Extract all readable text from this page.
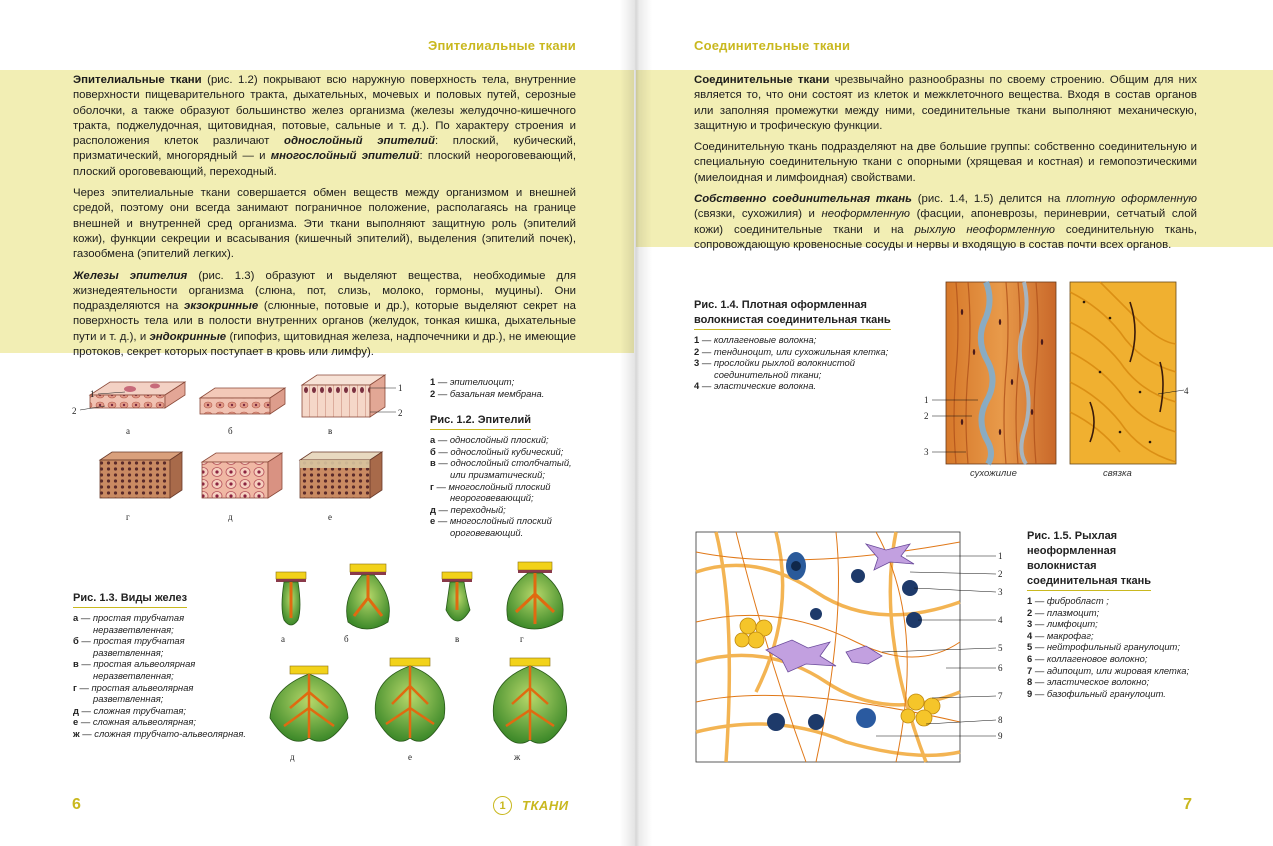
Эпителиальные ткани

Эпителиальные ткани (рис. 1.2) покрывают всю наружную поверхность тела, внутренние поверхности пищеварительного тракта, дыхательных, мочевых и половых путей, серозные оболочки, а также образуют большинство желез организма (железы желудочно-кишечного тракта, поджелудочная, щитовидная, потовые, сальные и т. д.). По характеру строения и расположения клеток различают однослойный эпителий: плоский, кубический, призматический, многорядный — и многослойный эпителий: плоский неороговевающий, плоский ороговевающий, переходный.

Через эпителиальные ткани совершается обмен веществ между организмом и внешней средой, поэтому они всегда занимают пограничное положение, располагаясь на границе внешней и внутренней сред организма. Эти ткани выполняют защитную роль (эпителий кожи), функции секреции и всасывания (кишечный эпителий), выделения (эпителий почек), газообмена (эпителий легких).

Железы эпителия (рис. 1.3) образуют и выделяют вещества, необходимые для жизнедеятельности организма (слюна, пот, слизь, молоко, гормоны, муцины). Они подразделяются на экзокринные (слюнные, потовые и др.), которые выделяют секрет на поверхность тела или в полости внутренних органов (желудок, тонкая кишка, дыхательные пути и т. д.), и эндокринные (гипофиз, щитовидная железа, надпочечники и др.), не имеющие протоков, секрет которых поступает в кровь или лимфу).

1
2
1
2
а	б	в
г	д	е
1 — эпителиоцит;
2 — базальная мембрана.
Рис. 1.2. Эпителий

а — однослойный плоский;
б — однослойный кубический;
в — однослойный столбчатый,
или призматический;
г — многослойный плоский
неороговевающий;
д — переходный;
е — многослойный плоский
ороговевающий.
а	б	в	г
д	е	ж
Рис. 1.3. Виды желез

а — простая трубчатая
неразветвленная;
б — простая трубчатая
разветвленная;
в — простая альвеолярная
неразветвленная;
г — простая альвеолярная
разветвленная;
д — сложная трубчатая;
е — сложная альвеолярная;
ж — сложная трубчато-альвеолярная.
6	1	ТКАНИ
Соединительные ткани

Соединительные ткани чрезвычайно разнообразны по своему строению. Общим для них является то, что они состоят из клеток и межклеточного вещества. Входя в состав органов или заполняя промежутки между ними, соединительные ткани выполняют механическую, защитную и трофическую функции.

Соединительную ткань подразделяют на две большие группы: собственно соединительную и специальную соединительную ткани с опорными (хрящевая и костная) и гемопоэтическими (миелоидная и лимфоидная) свойствами.

Собственно соединительная ткань (рис. 1.4, 1.5) делится на плотную оформленную (связки, сухожилия) и неоформленную (фасции, апоневрозы, периневрии, сетчатый слой кожи) соединительные ткани и на рыхлую неоформленную соединительную ткань, сопровождающую кровеносные сосуды и нервы и входящую в состав почти всех органов.

Рис. 1.4. Плотная оформленная
волокнистая соединительная ткань
1 — коллагеновые волокна;
2 — тендиноцит, или сухожильная клетка;
3 — прослойки рыхлой волокнистой
соединительной ткани;
4 — эластические волокна.
1
2
3
4
сухожилие	связка
1
2
3
4
5
6
7
8
9
Рис. 1.5. Рыхлая
неоформленная
волокнистая
соединительная ткань
1 — фибробласт ;
2 — плазмоцит;
3 — лимфоцит;
4 — макрофаг;
5 — нейтрофильный гранулоцит;
6 — коллагеновое волокно;
7 — адипоцит, или жировая клетка;
8 — эластическое волокно;
9 — базофильный гранулоцит.
7
